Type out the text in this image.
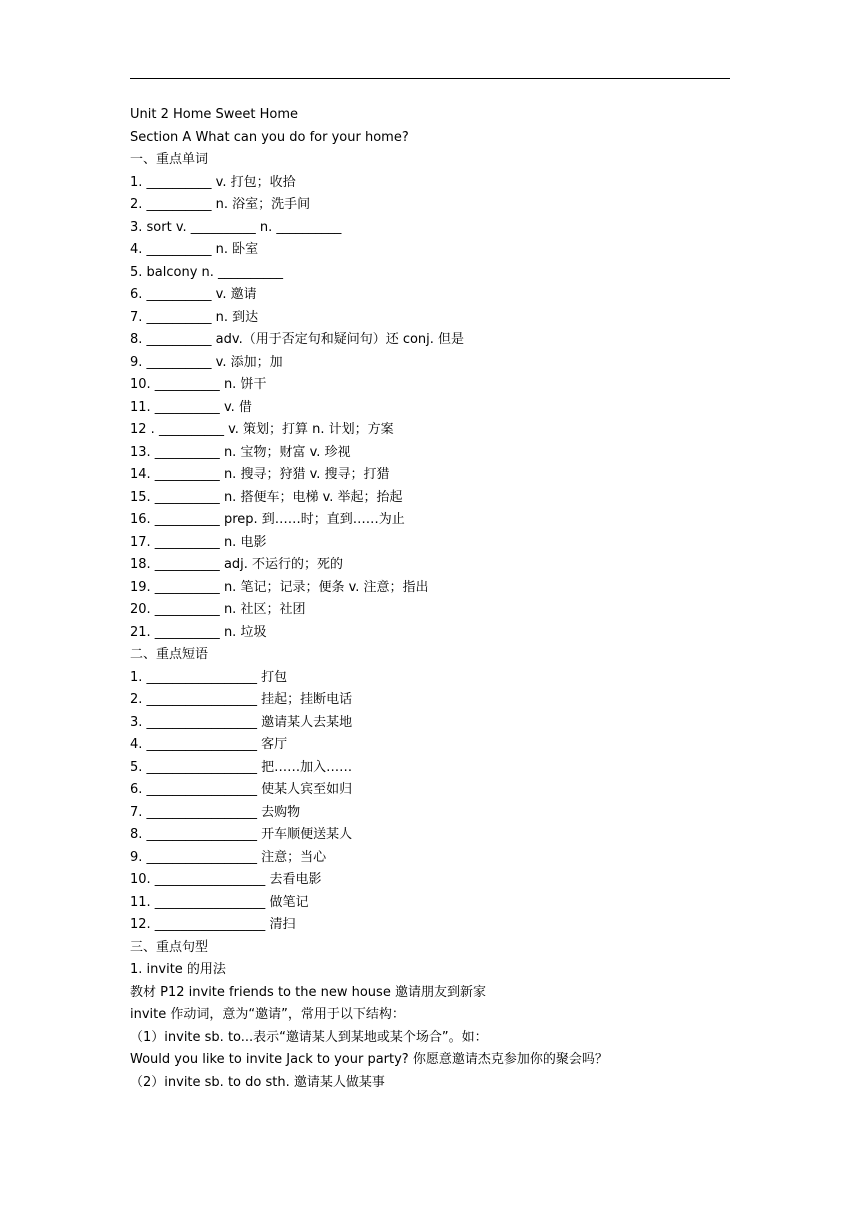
Unit 2 Home Sweet Home
Section A What can you do for your home?
一、重点单词
1. __________ v. 打包；收拾
2. __________ n. 浴室；洗手间
3. sort v. __________ n. __________
4. __________ n. 卧室
5. balcony n. __________
6. __________ v. 邀请
7. __________ n. 到达
8. __________ adv.（用于否定句和疑问句）还 conj. 但是
9. __________ v. 添加；加
10. __________ n. 饼干
11. __________ v. 借
12 . __________ v. 策划；打算 n. 计划；方案
13. __________ n. 宝物；财富 v. 珍视
14. __________ n. 搜寻；狩猎 v. 搜寻；打猎
15. __________ n. 搭便车；电梯 v. 举起；抬起
16. __________ prep. 到……时；直到……为止
17. __________ n. 电影
18. __________ adj. 不运行的；死的
19. __________ n. 笔记；记录；便条 v. 注意；指出
20. __________ n. 社区；社团
21. __________ n. 垃圾
二、重点短语
1. _________________ 打包
2. _________________ 挂起；挂断电话
3. _________________ 邀请某人去某地
4. _________________ 客厅
5. _________________ 把……加入……
6. _________________ 使某人宾至如归
7. _________________ 去购物
8. _________________ 开车顺便送某人
9. _________________ 注意；当心
10. _________________ 去看电影
11. _________________ 做笔记
12. _________________ 清扫
三、重点句型
1. invite 的用法
教材 P12 invite friends to the new house 邀请朋友到新家
invite 作动词，意为“邀请”，常用于以下结构：
（1）invite sb. to...表示“邀请某人到某地或某个场合”。如：
Would you like to invite Jack to your party? 你愿意邀请杰克参加你的聚会吗？
（2）invite sb. to do sth. 邀请某人做某事
